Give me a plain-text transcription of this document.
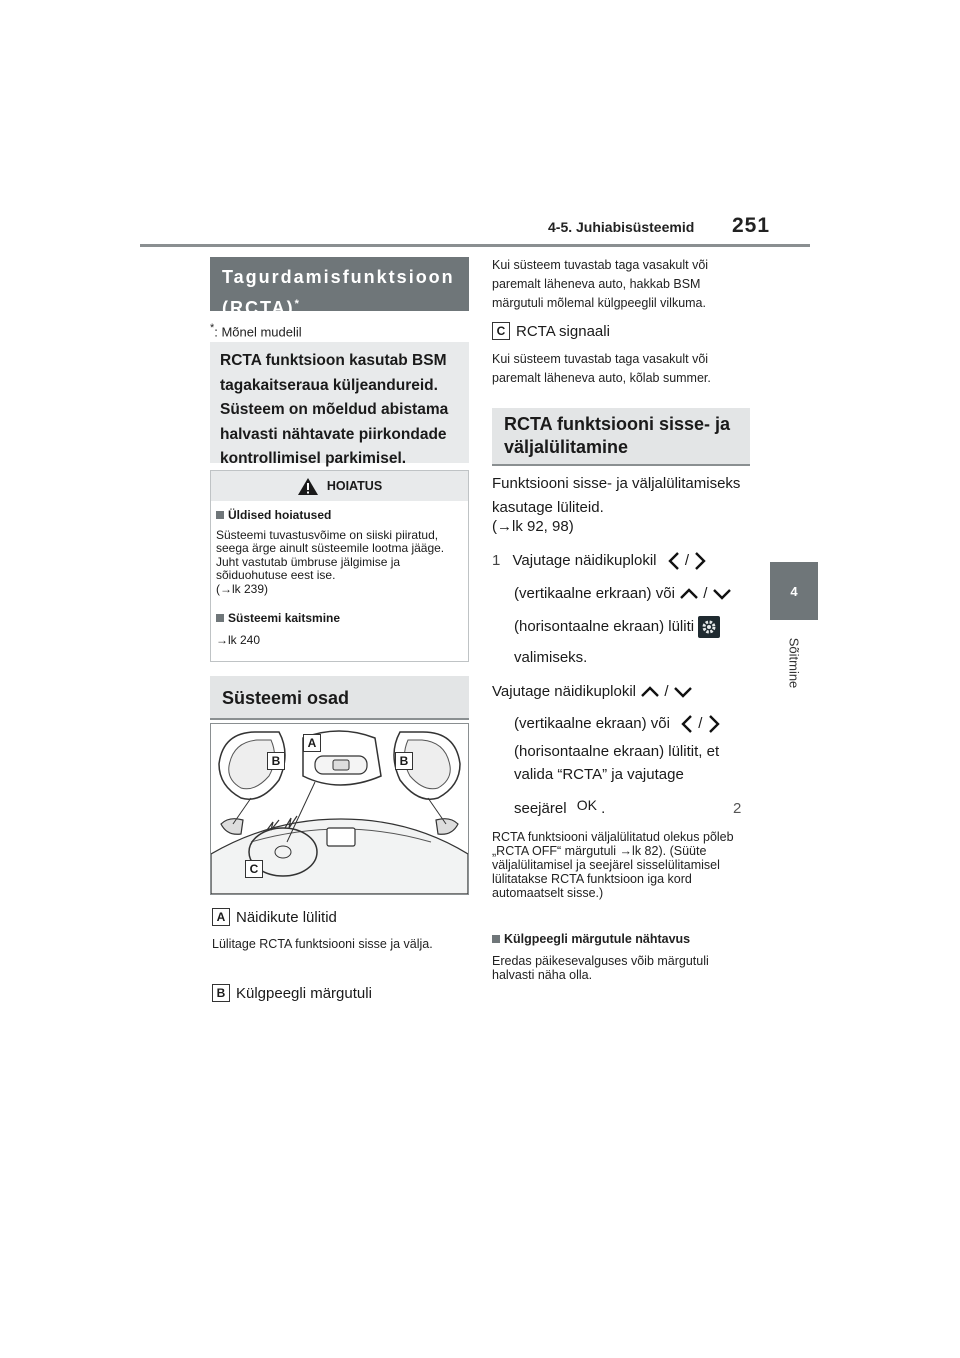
4-5. Juhiabisüsteemid 251
4
Sõitmine
Tagurdamisfunktsioon (RCTA)*
*: Mõnel mudelil
RCTA funktsioon kasutab BSM tagakaitseraua küljeandureid. Süsteem on mõeldud abistama halvasti nähtavate piirkondade kontrollimisel parkimisel.
HOIATUS
Üldised hoiatused
Süsteemi tuvastusvõime on siiski piiratud, seega ärge ainult süsteemile lootma jääge. Juht vastutab ümbruse jälgimise ja sõiduohutuse eest ise.
(→lk 239)
Süsteemi kaitsmine
→lk 240
Süsteemi osad
A
B	B
C
A Näidikute lülitid
Lülitage RCTA funktsiooni sisse ja välja.
B Külgpeegli märgutuli
Kui süsteem tuvastab taga vasakult või paremalt läheneva auto, hakkab BSM märgutuli mõlemal külgpeeglil vilkuma.
C RCTA signaali
Kui süsteem tuvastab taga vasakult või paremalt läheneva auto, kõlab summer.
RCTA funktsiooni sisse- ja väljalülitamine
Funktsiooni sisse- ja väljalülitamiseks kasutage lüliteid.
(→lk 92, 98)
1 Vajutage näidikuplokil /
(vertikaalne erkraan) või /
(horisontaalne ekraan) lüliti
valimiseks.
Vajutage näidikuplokil /
(vertikaalne ekraan) või /
(horisontaalne ekraan) lülitit, et
valida “RCTA” ja vajutage
seejärel OK .	2
RCTA funktsiooni väljalülitatud olekus põleb „RCTA OFF“ märgutuli →lk 82). (Süüte väljalülitamisel ja seejärel sisselülitamisel lülitatakse RCTA funktsioon iga kord automaatselt sisse.)
Külgpeegli märgutule nähtavus
Eredas päikesevalguses võib märgutuli halvasti näha olla.
